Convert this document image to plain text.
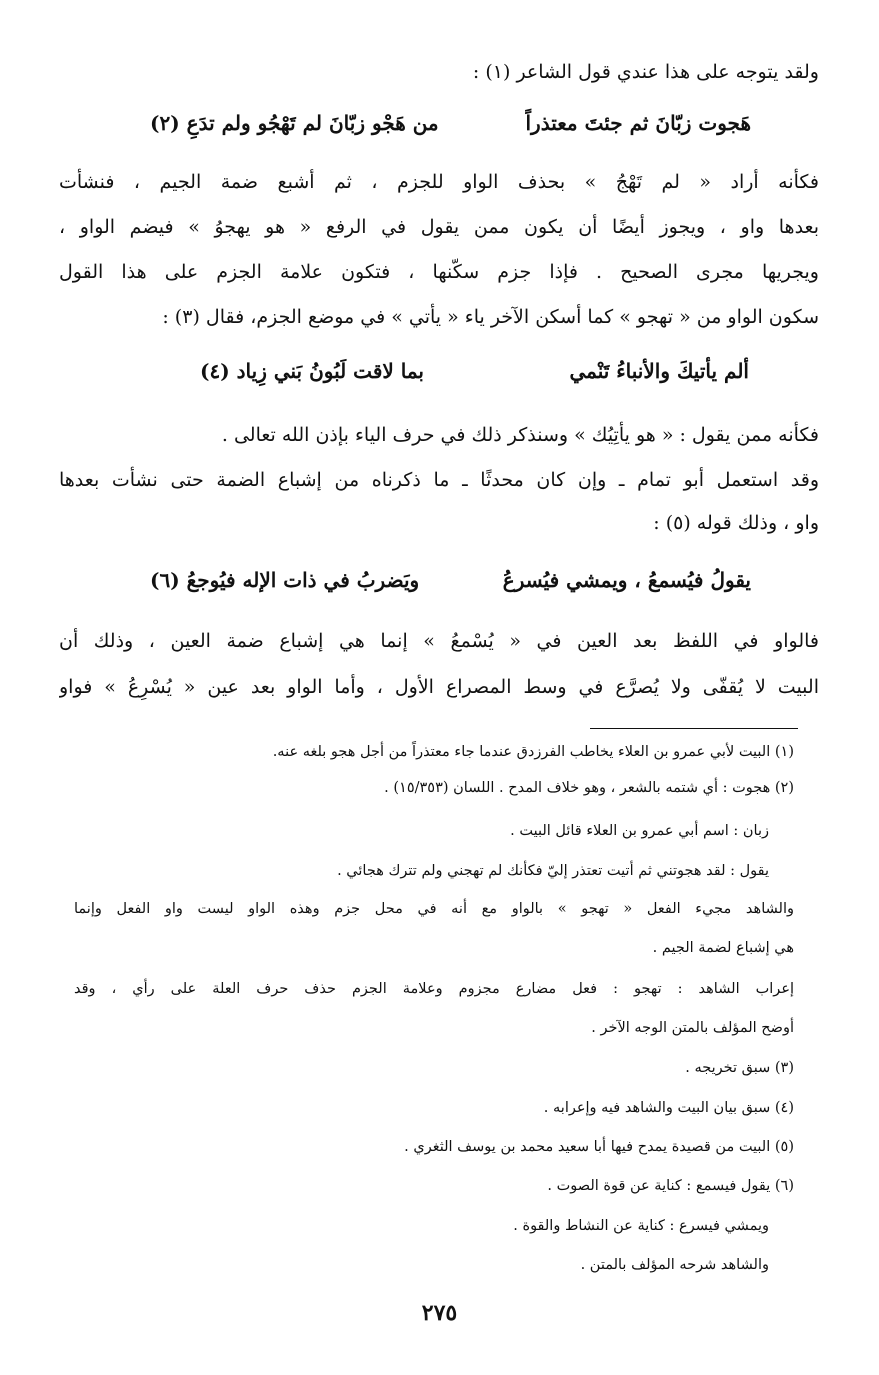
ولقد يتوجه على هذا عندي قول الشاعر (١) :
هَجوت زبّانَ ثم جئتَ معتذراً
من هَجْو زبّانَ لم تَهْجُو ولم تدَعِ (٢)
فكأنه أراد « لم تَهْجُ » بحذف الواو للجزم ، ثم أشبع ضمة الجيم ، فنشأت
بعدها واو ، ويجوز أيضًا أن يكون ممن يقول في الرفع « هو يهجوُ » فيضم الواو ،
ويجريها مجرى الصحيح . فإذا جزم سكّنها ، فتكون علامة الجزم على هذا القول
سكون الواو من « تهجو » كما أسكن الآخر ياء « يأتي » في موضع الجزم، فقال (٣) :
ألم يأتيكَ والأنباءُ تَنْمي
بما لاقت لَبُونُ بَني زِياد (٤)
فكأنه ممن يقول : « هو يأتِيُك » وسنذكر ذلك في حرف الياء بإذن الله تعالى .
وقد استعمل أبو تمام ـ وإن كان محدثًا ـ ما ذكرناه من إشباع الضمة حتى نشأت بعدها
واو ، وذلك قوله (٥) :
يقولُ فيُسمعُ ، ويمشي فيُسرعُ
ويَضربُ في ذات الإله فيُوجعُ (٦)
فالواو في اللفظ بعد العين في « يُسْمعُ » إنما هي إشباع ضمة العين ، وذلك أن
البيت لا يُقفّى ولا يُصرَّع في وسط المصراع الأول ، وأما الواو بعد عين « يُسْرِعُ » فواو
(١) البيت لأبي عمرو بن العلاء يخاطب الفرزدق عندما جاء معتذراً من أجل هجو بلغه عنه.
(٢) هجوت : أي شتمه بالشعر ، وهو خلاف المدح . اللسان (١٥/٣٥٣) .
زبان : اسم أبي عمرو بن العلاء قائل البيت .
يقول : لقد هجوتني ثم أتيت تعتذر إليّ فكأنك لم تهجني ولم تترك هجائي .
والشاهد مجيء الفعل « تهجو » بالواو مع أنه في محل جزم وهذه الواو ليست واو الفعل وإنما
هي إشباع لضمة الجيم .
إعراب الشاهد : تهجو : فعل مضارع مجزوم وعلامة الجزم حذف حرف العلة على رأي ، وقد
أوضح المؤلف بالمتن الوجه الآخر .
(٣) سبق تخريجه .
(٤) سبق بيان البيت والشاهد فيه وإعرابه .
(٥) البيت من قصيدة يمدح فيها أبا سعيد محمد بن يوسف الثغري .
(٦) يقول فيسمع : كناية عن قوة الصوت .
ويمشي فيسرع : كناية عن النشاط والقوة .
والشاهد شرحه المؤلف بالمتن .
٢٧٥
